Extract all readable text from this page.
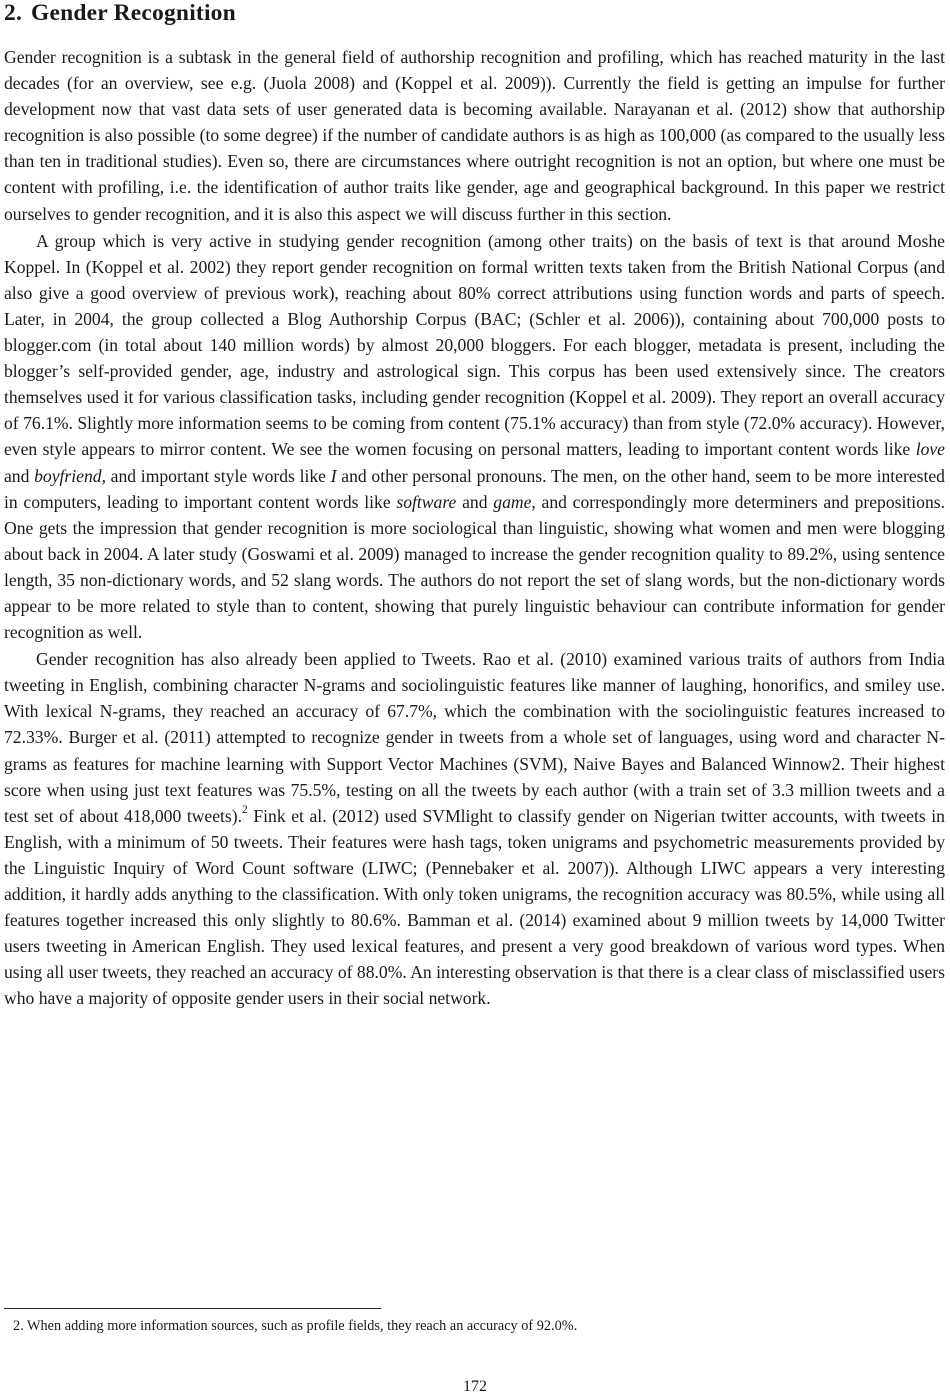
2. Gender Recognition

Gender recognition is a subtask in the general field of authorship recognition and profiling, which has reached maturity in the last decades (for an overview, see e.g. (Juola 2008) and (Koppel et al. 2009)). Currently the field is getting an impulse for further development now that vast data sets of user generated data is becoming available. Narayanan et al. (2012) show that authorship recognition is also possible (to some degree) if the number of candidate authors is as high as 100,000 (as compared to the usually less than ten in traditional studies). Even so, there are circumstances where outright recognition is not an option, but where one must be content with profiling, i.e. the identification of author traits like gender, age and geographical background. In this paper we restrict ourselves to gender recognition, and it is also this aspect we will discuss further in this section.

A group which is very active in studying gender recognition (among other traits) on the basis of text is that around Moshe Koppel. In (Koppel et al. 2002) they report gender recognition on formal written texts taken from the British National Corpus (and also give a good overview of previous work), reaching about 80% correct attributions using function words and parts of speech. Later, in 2004, the group collected a Blog Authorship Corpus (BAC; (Schler et al. 2006)), containing about 700,000 posts to blogger.com (in total about 140 million words) by almost 20,000 bloggers. For each blogger, metadata is present, including the blogger’s self-provided gender, age, industry and astrological sign. This corpus has been used extensively since. The creators themselves used it for various classification tasks, including gender recognition (Koppel et al. 2009). They report an overall accuracy of 76.1%. Slightly more information seems to be coming from content (75.1% accuracy) than from style (72.0% accuracy). However, even style appears to mirror content. We see the women focusing on personal matters, leading to important content words like love and boyfriend, and important style words like I and other personal pronouns. The men, on the other hand, seem to be more interested in computers, leading to important content words like software and game, and correspondingly more determiners and prepositions. One gets the impression that gender recognition is more sociological than linguistic, showing what women and men were blogging about back in 2004. A later study (Goswami et al. 2009) managed to increase the gender recognition quality to 89.2%, using sentence length, 35 non-dictionary words, and 52 slang words. The authors do not report the set of slang words, but the non-dictionary words appear to be more related to style than to content, showing that purely linguistic behaviour can contribute information for gender recognition as well.

Gender recognition has also already been applied to Tweets. Rao et al. (2010) examined various traits of authors from India tweeting in English, combining character N-grams and sociolinguistic features like manner of laughing, honorifics, and smiley use. With lexical N-grams, they reached an accuracy of 67.7%, which the combination with the sociolinguistic features increased to 72.33%. Burger et al. (2011) attempted to recognize gender in tweets from a whole set of languages, using word and character N-grams as features for machine learning with Support Vector Machines (SVM), Naive Bayes and Balanced Winnow2. Their highest score when using just text features was 75.5%, testing on all the tweets by each author (with a train set of 3.3 million tweets and a test set of about 418,000 tweets).$^2$ Fink et al. (2012) used SVMlight to classify gender on Nigerian twitter accounts, with tweets in English, with a minimum of 50 tweets. Their features were hash tags, token unigrams and psychometric measurements provided by the Linguistic Inquiry of Word Count software (LIWC; (Pennebaker et al. 2007)). Although LIWC appears a very interesting addition, it hardly adds anything to the classification. With only token unigrams, the recognition accuracy was 80.5%, while using all features together increased this only slightly to 80.6%. Bamman et al. (2014) examined about 9 million tweets by 14,000 Twitter users tweeting in American English. They used lexical features, and present a very good breakdown of various word types. When using all user tweets, they reached an accuracy of 88.0%. An interesting observation is that there is a clear class of misclassified users who have a majority of opposite gender users in their social network.

2. When adding more information sources, such as profile fields, they reach an accuracy of 92.0%.

172
